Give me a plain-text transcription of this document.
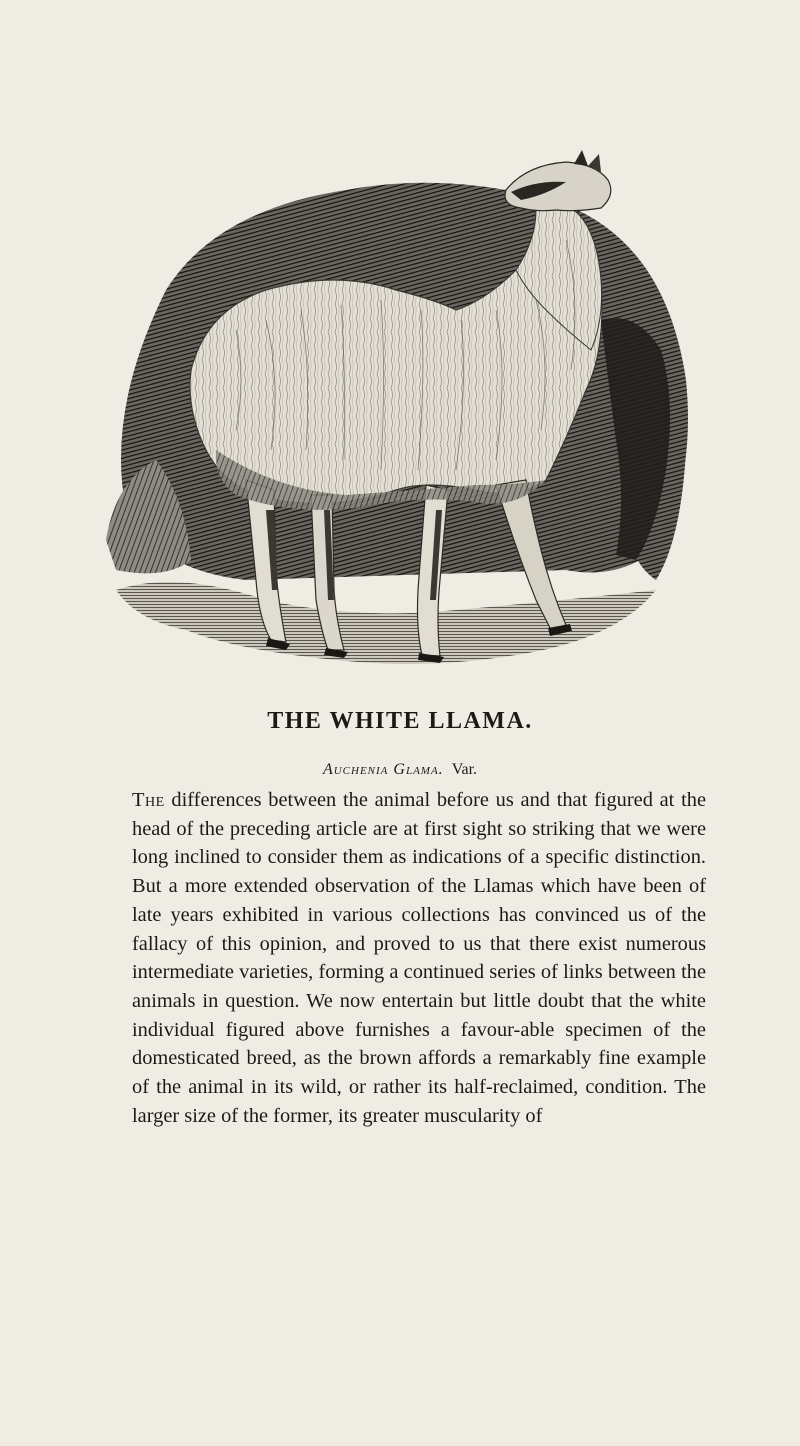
THE WHITE LLAMA.

Auchenia Glama. Var.

The differences between the animal before us and that figured at the head of the preceding article are at first sight so striking that we were long inclined to consider them as indications of a specific distinction. But a more extended observation of the Llamas which have been of late years exhibited in various collections has convinced us of the fallacy of this opinion, and proved to us that there exist numerous intermediate varieties, forming a continued series of links between the animals in question. We now entertain but little doubt that the white individual figured above furnishes a favour-able specimen of the domesticated breed, as the brown affords a remarkably fine example of the animal in its wild, or rather its half-reclaimed, condition. The larger size of the former, its greater muscularity of
